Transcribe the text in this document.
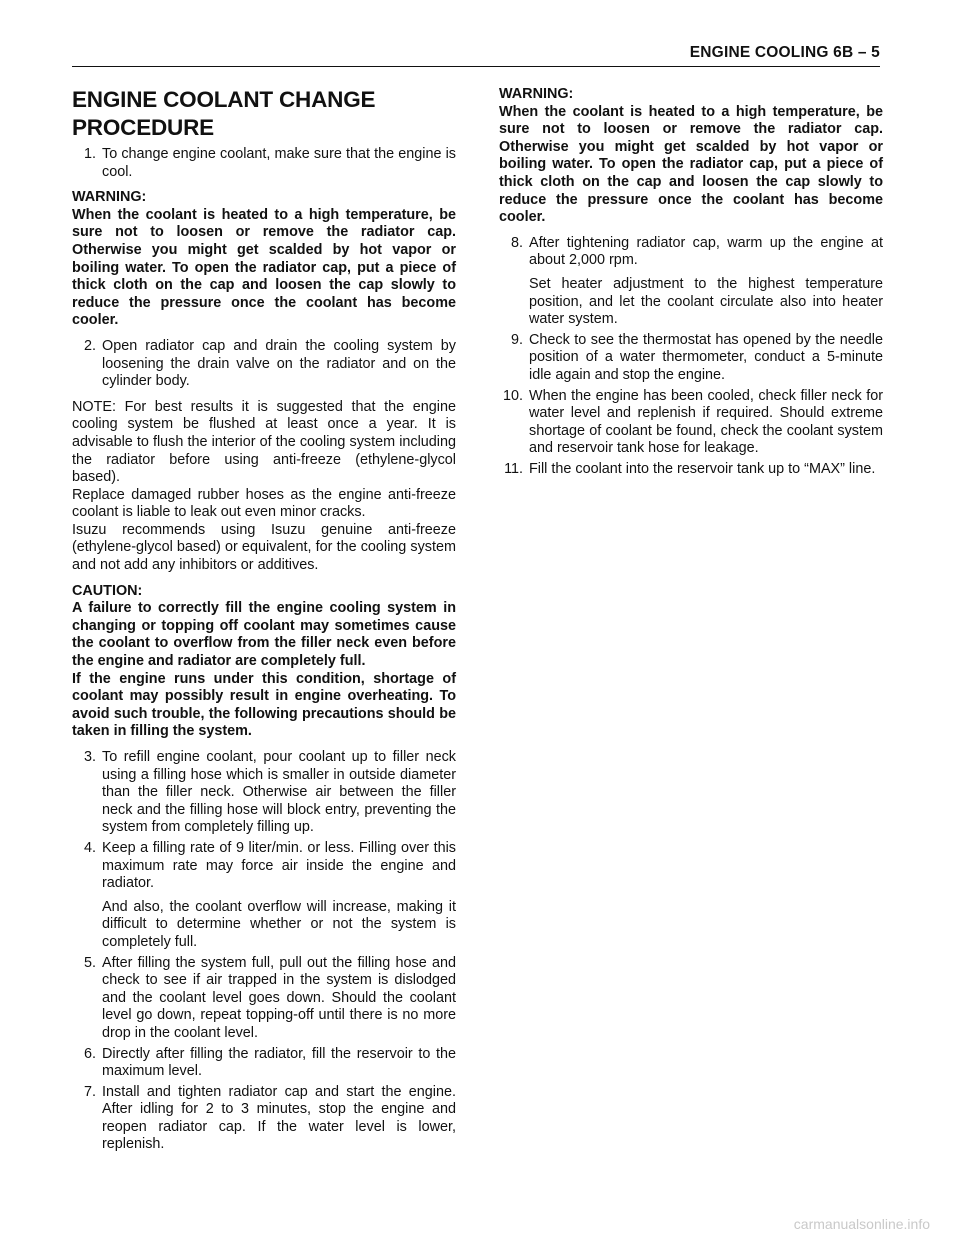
ENGINE COOLING 6B – 5
ENGINE COOLANT CHANGE PROCEDURE
1. To change engine coolant, make sure that the engine is cool.
WARNING:
When the coolant is heated to a high temperature, be sure not to loosen or remove the radiator cap. Otherwise you might get scalded by hot vapor or boiling water. To open the radiator cap, put a piece of thick cloth on the cap and loosen the cap slowly to reduce the pressure once the coolant has become cooler.
2. Open radiator cap and drain the cooling system by loosening the drain valve on the radiator and on the cylinder body.
NOTE: For best results it is suggested that the engine cooling system be flushed at least once a year. It is advisable to flush the interior of the cooling system including the radiator before using anti-freeze (ethylene-glycol based).
Replace damaged rubber hoses as the engine anti-freeze coolant is liable to leak out even minor cracks.
Isuzu recommends using Isuzu genuine anti-freeze (ethylene-glycol based) or equivalent, for the cooling system and not add any inhibitors or additives.
CAUTION:
A failure to correctly fill the engine cooling system in changing or topping off coolant may sometimes cause the coolant to overflow from the filler neck even before the engine and radiator are completely full.
If the engine runs under this condition, shortage of coolant may possibly result in engine overheating. To avoid such trouble, the following precautions should be taken in filling the system.
3. To refill engine coolant, pour coolant up to filler neck using a filling hose which is smaller in outside diameter than the filler neck. Otherwise air between the filler neck and the filling hose will block entry, preventing the system from completely filling up.
4. Keep a filling rate of 9 liter/min. or less. Filling over this maximum rate may force air inside the engine and radiator.
And also, the coolant overflow will increase, making it difficult to determine whether or not the system is completely full.
5. After filling the system full, pull out the filling hose and check to see if air trapped in the system is dislodged and the coolant level goes down. Should the coolant level go down, repeat topping-off until there is no more drop in the coolant level.
6. Directly after filling the radiator, fill the reservoir to the maximum level.
7. Install and tighten radiator cap and start the engine. After idling for 2 to 3 minutes, stop the engine and reopen radiator cap. If the water level is lower, replenish.
WARNING:
When the coolant is heated to a high temperature, be sure not to loosen or remove the radiator cap. Otherwise you might get scalded by hot vapor or boiling water. To open the radiator cap, put a piece of thick cloth on the cap and loosen the cap slowly to reduce the pressure once the coolant has become cooler.
8. After tightening radiator cap, warm up the engine at about 2,000 rpm.
Set heater adjustment to the highest temperature position, and let the coolant circulate also into heater water system.
9. Check to see the thermostat has opened by the needle position of a water thermometer, conduct a 5-minute idle again and stop the engine.
10. When the engine has been cooled, check filler neck for water level and replenish if required. Should extreme shortage of coolant be found, check the coolant system and reservoir tank hose for leakage.
11. Fill the coolant into the reservoir tank up to “MAX” line.
carmanualsonline.info
